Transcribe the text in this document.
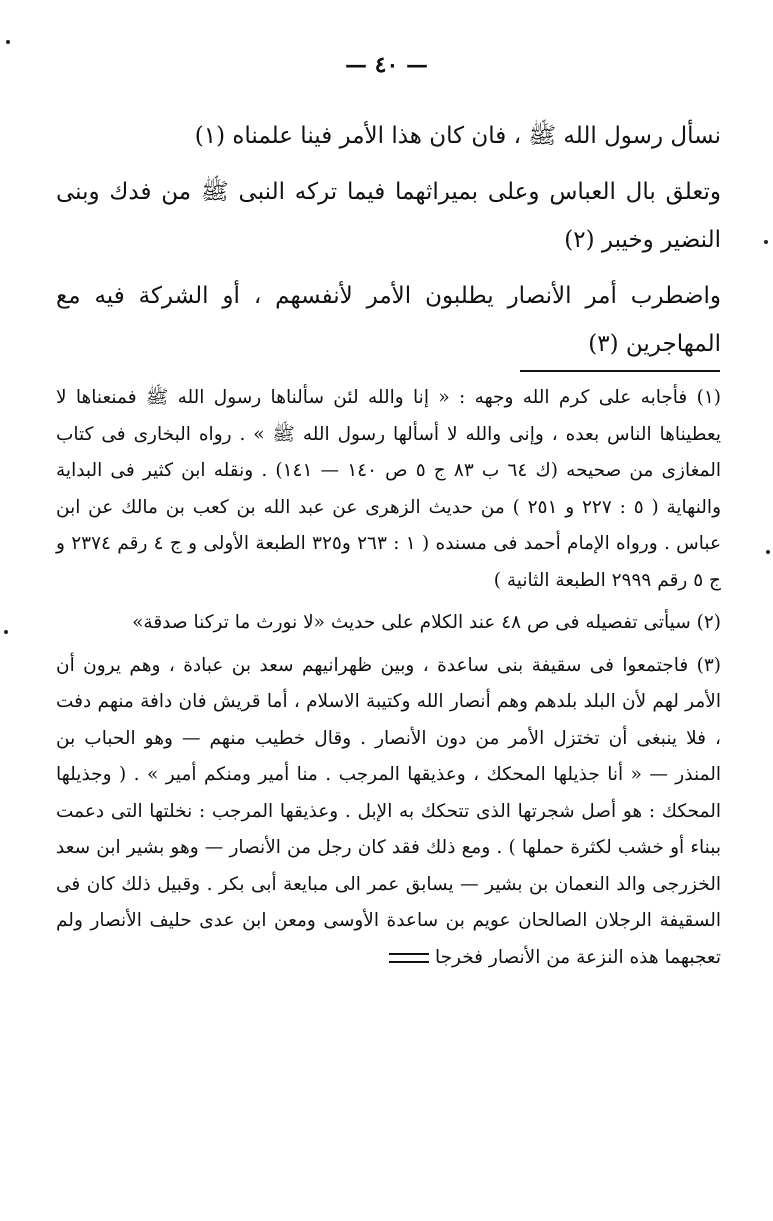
— ٤٠ —

نسأل رسول الله ﷺ ، فان كان هذا الأمر فينا علمناه (١)

وتعلق بال العباس وعلى بميراثهما فيما تركه النبى ﷺ من فدك وبنى النضير وخيبر (٢)

واضطرب أمر الأنصار يطلبون الأمر لأنفسهم ، أو الشركة فيه مع المهاجرين (٣)

(١) فأجابه على كرم الله وجهه : « إنا والله لئن سألناها رسول الله ﷺ فمنعناها لا يعطيناها الناس بعده ، وإنى والله لا أسألها رسول الله ﷺ » . رواه البخارى فى كتاب المغازى من صحيحه (ك ٦٤ ب ٨٣ ج ٥ ص ١٤٠ — ١٤١) . ونقله ابن كثير فى البداية والنهاية ( ٥ : ٢٢٧ و ٢٥١ ) من حديث الزهرى عن عبد الله بن كعب بن مالك عن ابن عباس . ورواه الإمام أحمد فى مسنده ( ١ : ٢٦٣ و٣٢٥ الطبعة الأولى و ج ٤ رقم ٢٣٧٤ و ج ٥ رقم ٢٩٩٩ الطبعة الثانية )

(٢) سيأتى تفصيله فى ص ٤٨ عند الكلام على حديث «لا نورث ما تركنا صدقة»

(٣) فاجتمعوا فى سقيفة بنى ساعدة ، وبين ظهرانيهم سعد بن عبادة ، وهم يرون أن الأمر لهم لأن البلد بلدهم وهم أنصار الله وكتيبة الاسلام ، أما قريش فان دافة منهم دفت ، فلا ينبغى أن تختزل الأمر من دون الأنصار . وقال خطيب منهم — وهو الحباب بن المنذر — « أنا جذيلها المحكك ، وعذيقها المرجب . منا أمير ومنكم أمير » . ( وجذيلها المحكك : هو أصل شجرتها الذى تتحكك به الإبل . وعذيقها المرجب : نخلتها التى دعمت ببناء أو خشب لكثرة حملها ) . ومع ذلك فقد كان رجل من الأنصار — وهو بشير ابن سعد الخزرجى والد النعمان بن بشير — يسابق عمر الى مبايعة أبى بكر . وقبيل ذلك كان فى السقيفة الرجلان الصالحان عويم بن ساعدة الأوسى ومعن ابن عدى حليف الأنصار ولم تعجبهما هذه النزعة من الأنصار فخرجا
